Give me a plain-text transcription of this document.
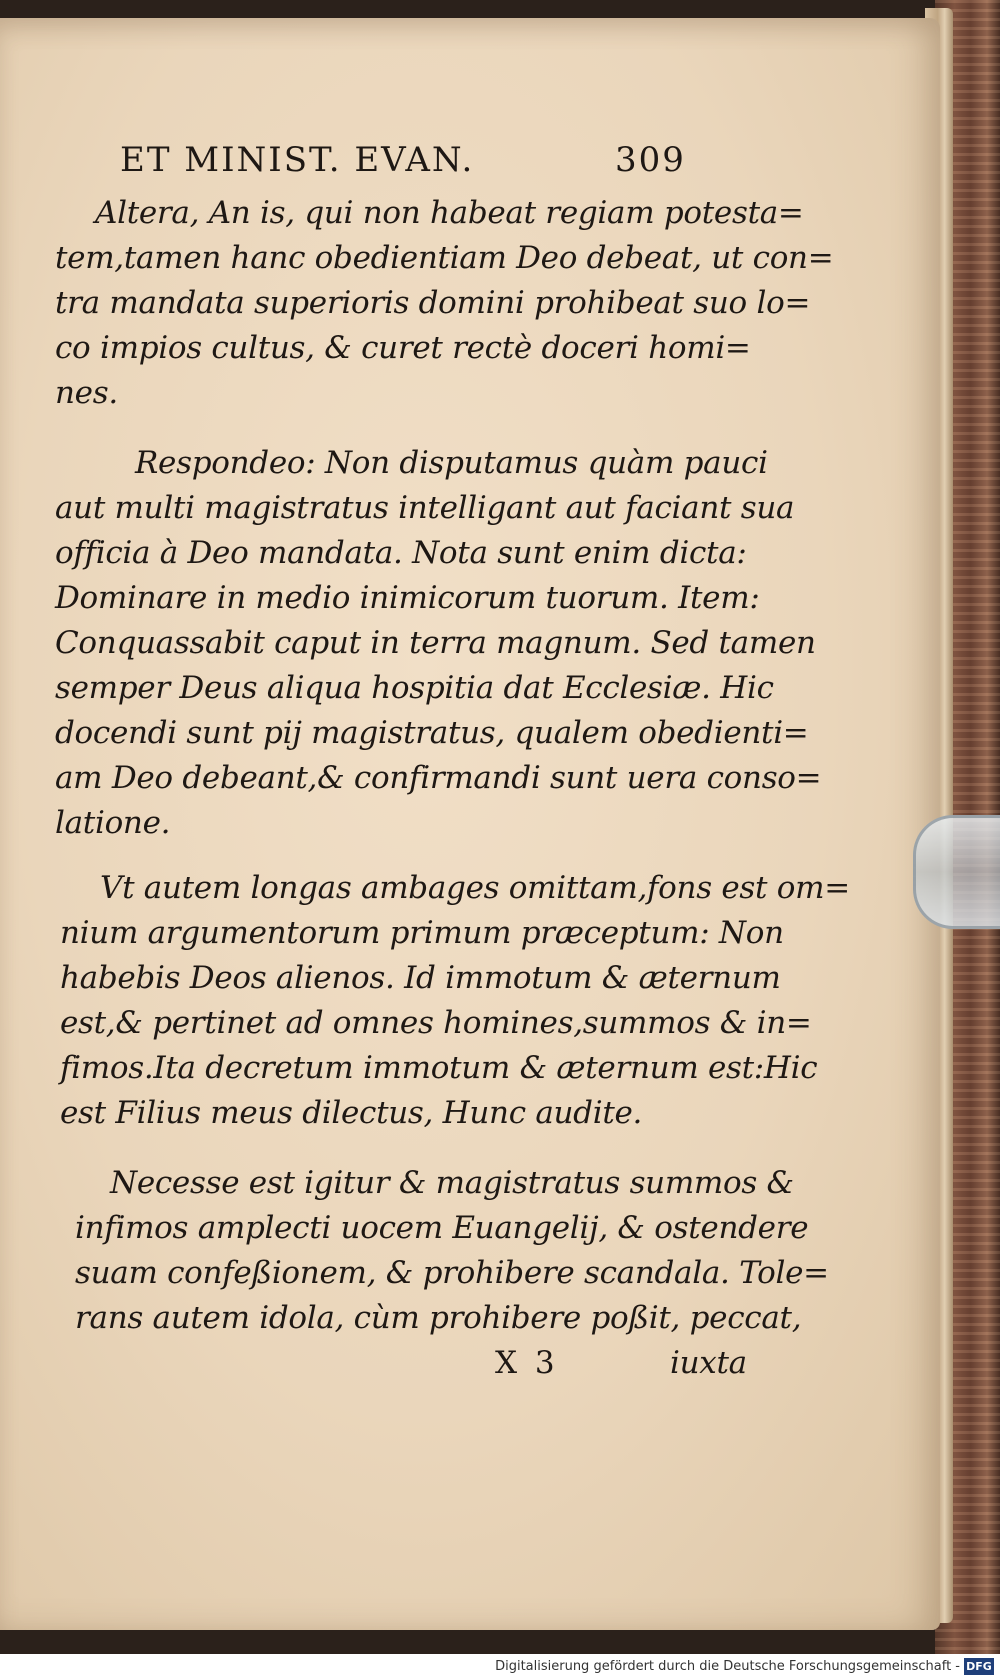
ET MINIST. EVAN.	309
Altera, An is, qui non habeat regiam potesta=
tem,tamen hanc obedientiam Deo debeat, ut con=
tra mandata superioris domini prohibeat suo lo=
co impios cultus, & curet rectè doceri homi=
nes.
Respondeo: Non disputamus quàm pauci
aut multi magistratus intelligant aut faciant sua
officia à Deo mandata. Nota sunt enim dicta:
Dominare in medio inimicorum tuorum. Item:
Conquassabit caput in terra magnum. Sed tamen
semper Deus aliqua hospitia dat Ecclesiæ. Hic
docendi sunt pij magistratus, qualem obedienti=
am Deo debeant,& confirmandi sunt uera conso=
latione.
Vt autem longas ambages omittam,fons est om=
nium argumentorum primum præceptum: Non
habebis Deos alienos. Id immotum & æternum
est,& pertinet ad omnes homines,summos & in=
fimos.Ita decretum immotum & æternum est:Hic
est Filius meus dilectus, Hunc audite.
Necesse est igitur & magistratus summos &
infimos amplecti uocem Euangelij, & ostendere
suam confeßionem, & prohibere scandala. Tole=
rans autem idola, cùm prohibere poßit, peccat,
X 3	iuxta
Digitalisierung gefördert durch die Deutsche Forschungsgemeinschaft - DFG
